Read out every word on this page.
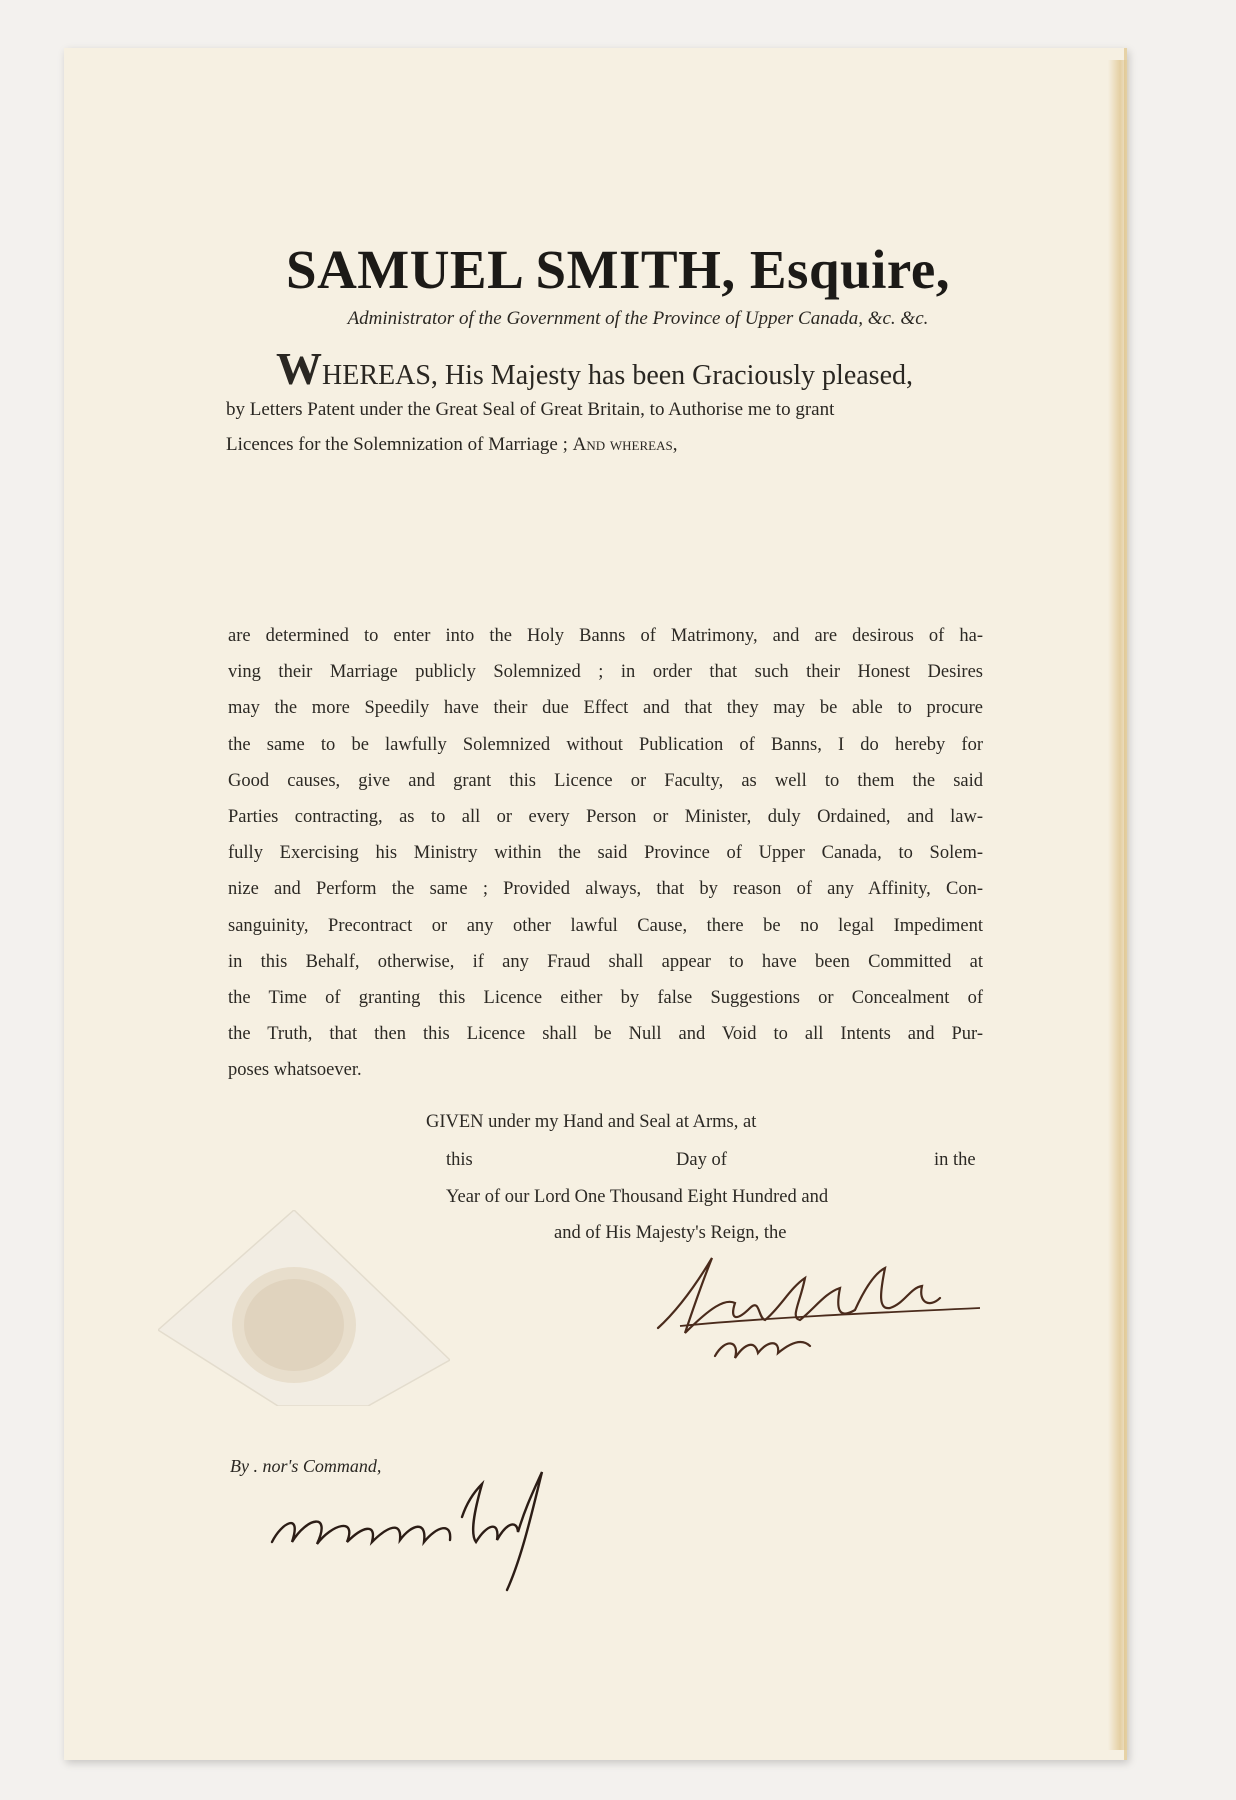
SAMUEL SMITH, Esquire,
Administrator of the Government of the Province of Upper Canada, &c. &c.
WHEREAS, His Majesty has been Graciously pleased,
by Letters Patent under the Great Seal of Great Britain, to Authorise me to grant
Licences for the Solemnization of Marriage ; And whereas,
are determined to enter into the Holy Banns of Matrimony, and are desirous of ha-
ving their Marriage publicly Solemnized ; in order that such their Honest Desires
may the more Speedily have their due Effect and that they may be able to procure
the same to be lawfully Solemnized without Publication of Banns, I do hereby for
Good causes, give and grant this Licence or Faculty, as well to them the said
Parties contracting, as to all or every Person or Minister, duly Ordained, and law-
fully Exercising his Ministry within the said Province of Upper Canada, to Solem-
nize and Perform the same ; Provided always, that by reason of any Affinity, Con-
sanguinity, Precontract or any other lawful Cause, there be no legal Impediment
in this Behalf, otherwise, if any Fraud shall appear to have been Committed at
the Time of granting this Licence either by false Suggestions or Concealment of
the Truth, that then this Licence shall be Null and Void to all Intents and Pur-
poses whatsoever.
GIVEN under my Hand and Seal at Arms, at
this	Day of	in the
Year of our Lord One Thousand Eight Hundred and
and of His Majesty's Reign, the
By . nor's Command,
